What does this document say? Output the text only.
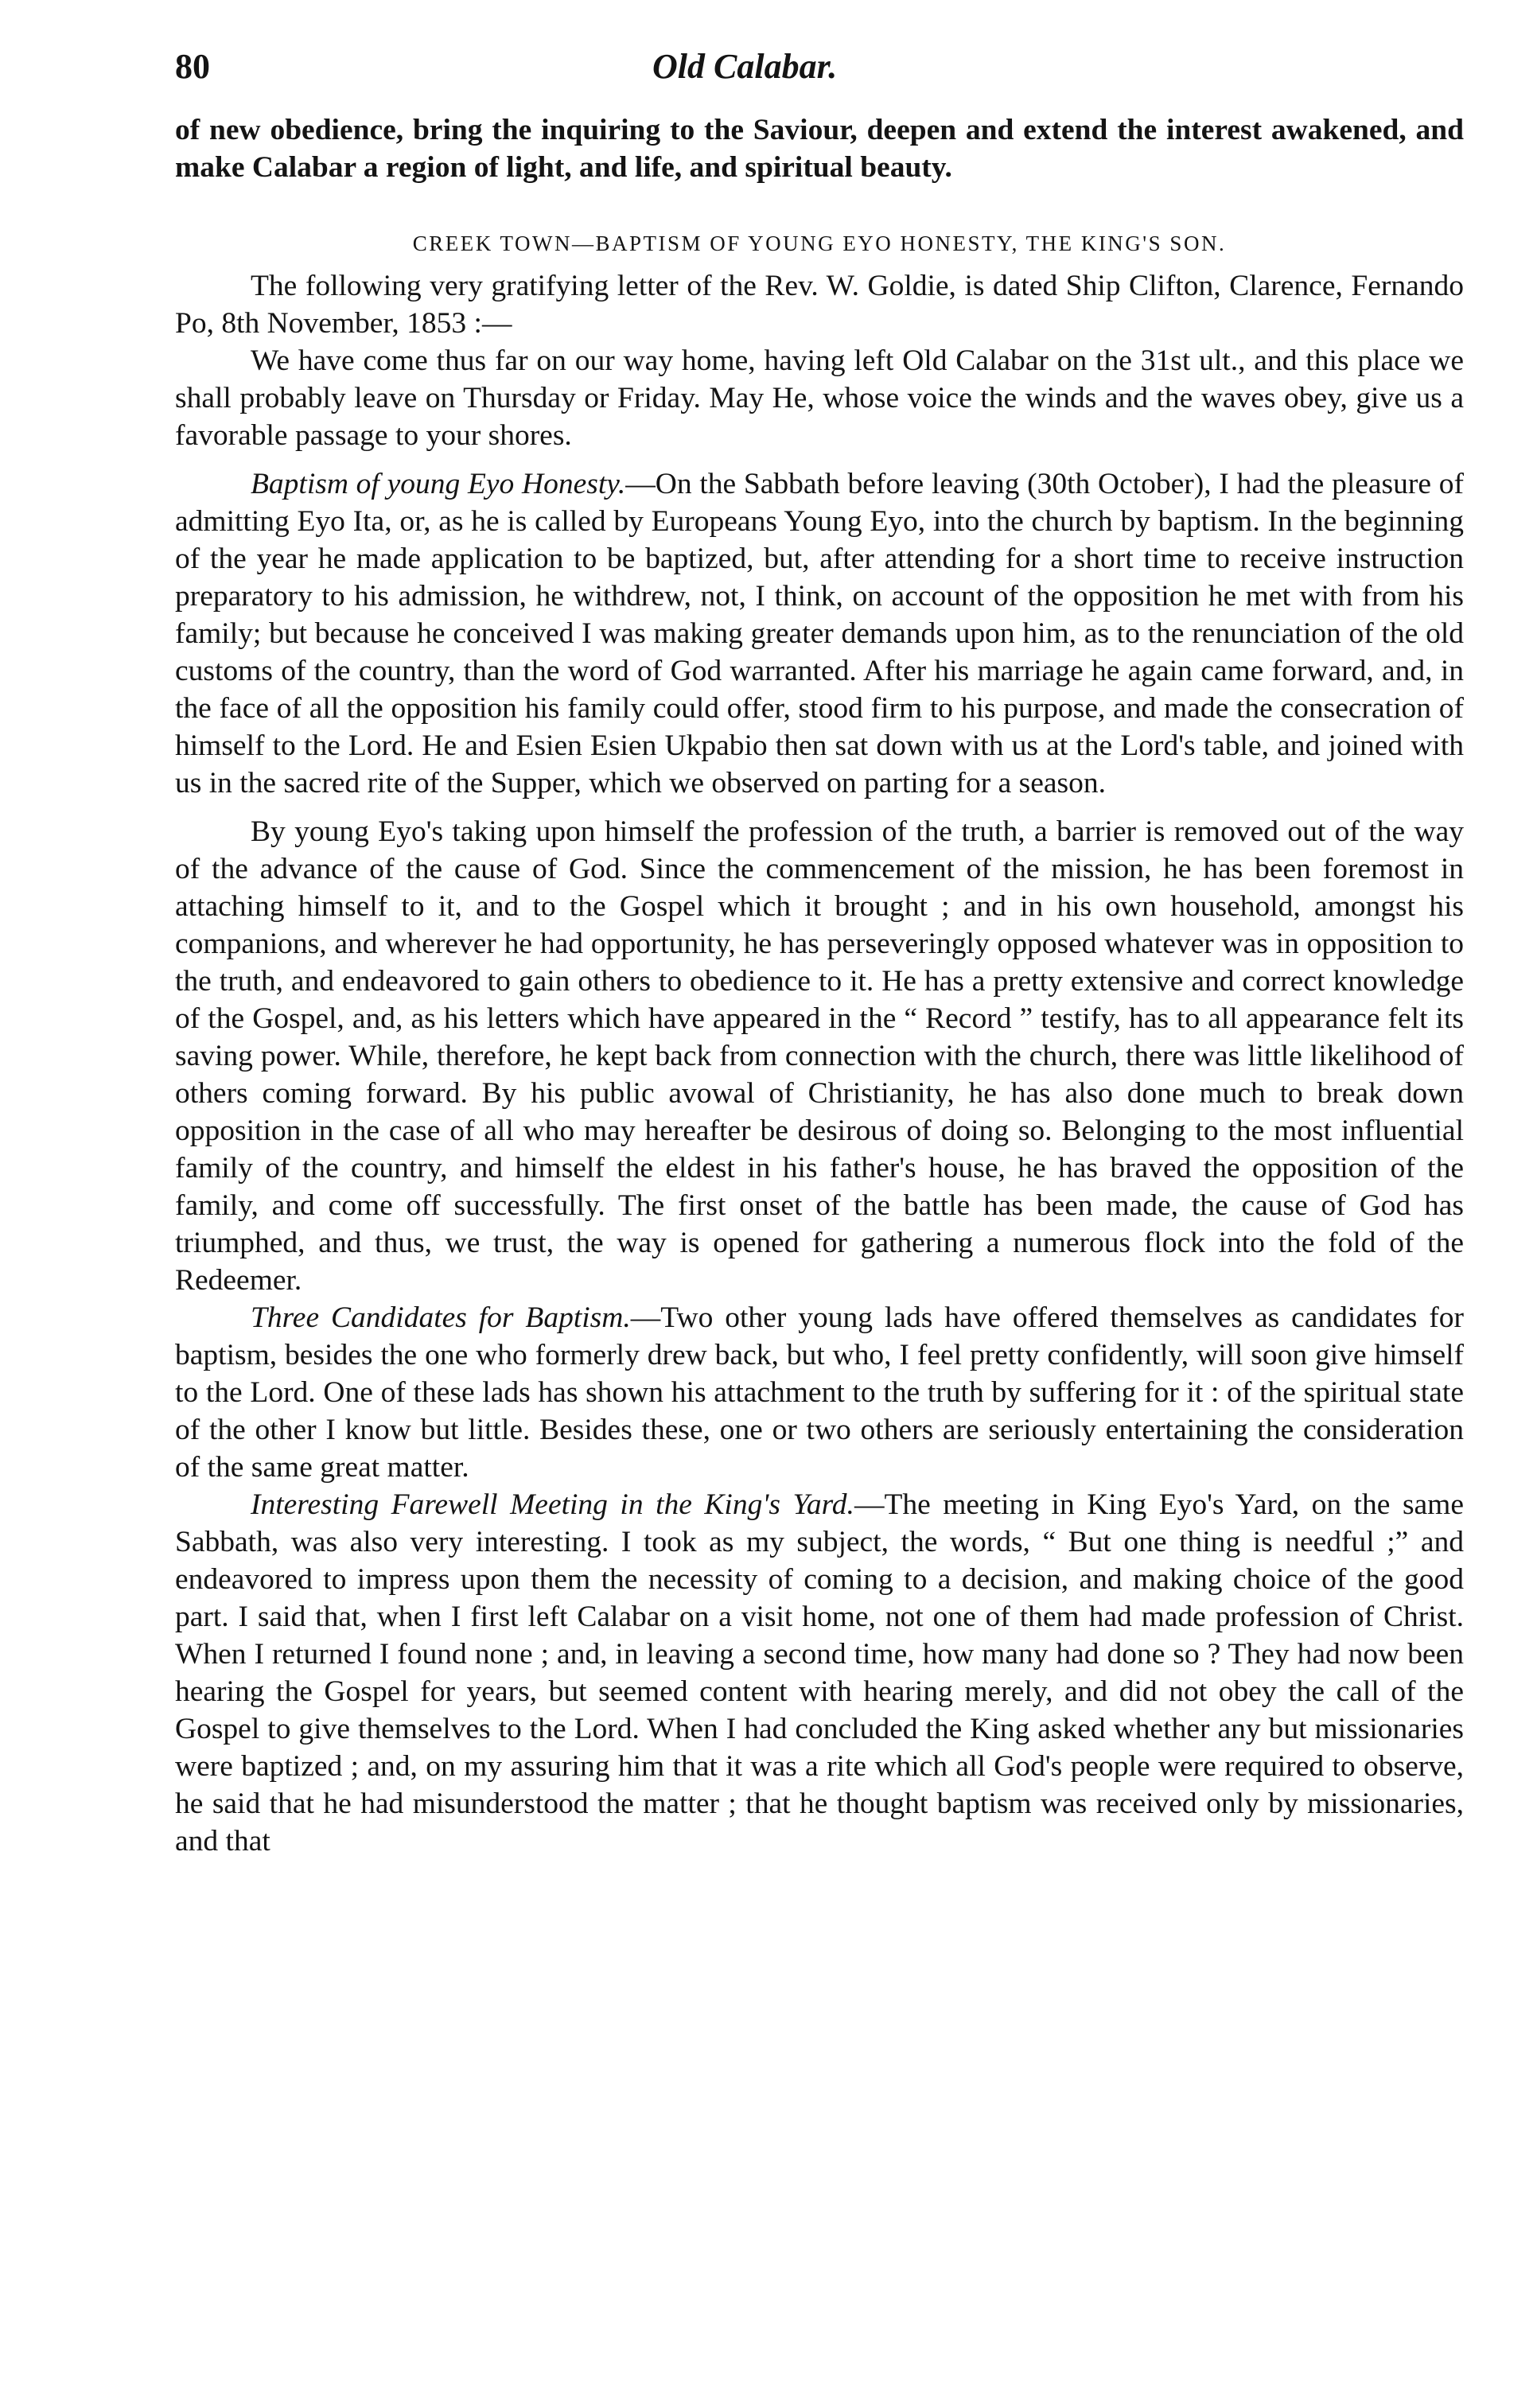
80	Old Calabar.

of new obedience, bring the inquiring to the Saviour, deepen and extend the interest awakened, and make Calabar a region of light, and life, and spiritual beauty.

CREEK TOWN—BAPTISM OF YOUNG EYO HONESTY, THE KING'S SON.

The following very gratifying letter of the Rev. W. Goldie, is dated Ship Clifton, Clarence, Fernando Po, 8th November, 1853 :—

We have come thus far on our way home, having left Old Calabar on the 31st ult., and this place we shall probably leave on Thursday or Friday. May He, whose voice the winds and the waves obey, give us a favorable passage to your shores.

Baptism of young Eyo Honesty.—On the Sabbath before leaving (30th October), I had the pleasure of admitting Eyo Ita, or, as he is called by Europeans Young Eyo, into the church by baptism. In the beginning of the year he made application to be baptized, but, after attending for a short time to receive instruction preparatory to his admission, he withdrew, not, I think, on account of the opposition he met with from his family; but because he conceived I was making greater demands upon him, as to the renunciation of the old customs of the country, than the word of God warranted. After his marriage he again came forward, and, in the face of all the opposition his family could offer, stood firm to his purpose, and made the consecration of himself to the Lord. He and Esien Esien Ukpabio then sat down with us at the Lord's table, and joined with us in the sacred rite of the Supper, which we observed on parting for a season.

By young Eyo's taking upon himself the profession of the truth, a barrier is removed out of the way of the advance of the cause of God. Since the commencement of the mission, he has been foremost in attaching himself to it, and to the Gospel which it brought ; and in his own household, amongst his companions, and wherever he had opportunity, he has perseveringly opposed whatever was in opposition to the truth, and endeavored to gain others to obedience to it. He has a pretty extensive and correct knowledge of the Gospel, and, as his letters which have appeared in the “ Record ” testify, has to all appearance felt its saving power. While, therefore, he kept back from connection with the church, there was little likelihood of others coming forward. By his public avowal of Christianity, he has also done much to break down opposition in the case of all who may hereafter be desirous of doing so. Belonging to the most influential family of the country, and himself the eldest in his father's house, he has braved the opposition of the family, and come off successfully. The first onset of the battle has been made, the cause of God has triumphed, and thus, we trust, the way is opened for gathering a numerous flock into the fold of the Redeemer.

Three Candidates for Baptism.—Two other young lads have offered themselves as candidates for baptism, besides the one who formerly drew back, but who, I feel pretty confidently, will soon give himself to the Lord. One of these lads has shown his attachment to the truth by suffering for it : of the spiritual state of the other I know but little. Besides these, one or two others are seriously entertaining the consideration of the same great matter.

Interesting Farewell Meeting in the King's Yard.—The meeting in King Eyo's Yard, on the same Sabbath, was also very interesting. I took as my subject, the words, “ But one thing is needful ;” and endeavored to impress upon them the necessity of coming to a decision, and making choice of the good part. I said that, when I first left Calabar on a visit home, not one of them had made profession of Christ. When I returned I found none ; and, in leaving a second time, how many had done so ? They had now been hearing the Gospel for years, but seemed content with hearing merely, and did not obey the call of the Gospel to give themselves to the Lord. When I had concluded the King asked whether any but missionaries were baptized ; and, on my assuring him that it was a rite which all God's people were required to observe, he said that he had misunderstood the matter ; that he thought baptism was received only by missionaries, and that
